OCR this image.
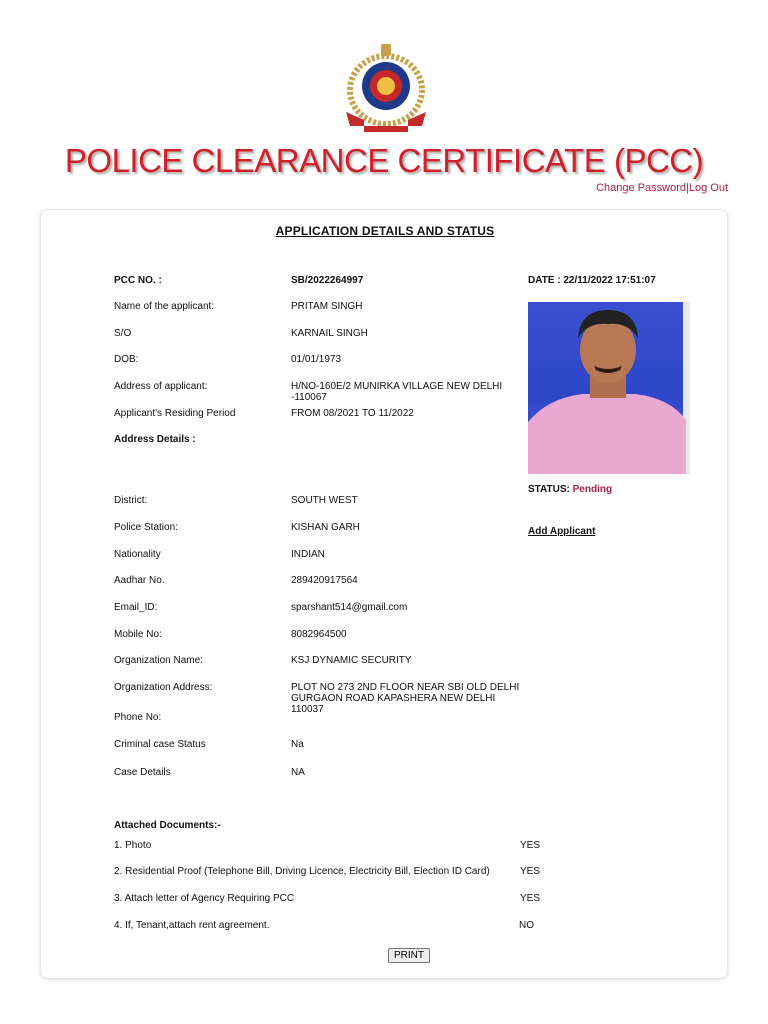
POLICE CLEARANCE CERTIFICATE (PCC)
Change Password|Log Out
APPLICATION DETAILS AND STATUS
PCC NO. :	SB/2022264997	DATE : 22/11/2022 17:51:07
Name of the applicant:	PRITAM SINGH
S/O	KARNAIL SINGH
DOB:	01/01/1973
Address of applicant:	H/NO-160E/2 MUNIRKA VILLAGE NEW DELHI -110067
Applicant's Residing Period	FROM 08/2021 TO 11/2022
Address Details :
STATUS: Pending
Add Applicant
District:	SOUTH WEST
Police Station:	KISHAN GARH
Nationality	INDIAN
Aadhar No.	289420917564
Email_ID:	sparshant514@gmail.com
Mobile No:	8082964500
Organization Name:	KSJ DYNAMIC SECURITY
Organization Address:	PLOT NO 273 2ND FLOOR NEAR SBI OLD DELHI GURGAON ROAD KAPASHERA NEW DELHI 110037
Phone No:
Criminal case Status	Na
Case Details	NA
Attached Documents:-
1. Photo	YES
2. Residential Proof (Telephone Bill, Driving Licence, Electricity Bill, Election ID Card)	YES
3. Attach letter of Agency Requiring PCC	YES
4. If, Tenant,attach rent agreement.	NO
PRINT
